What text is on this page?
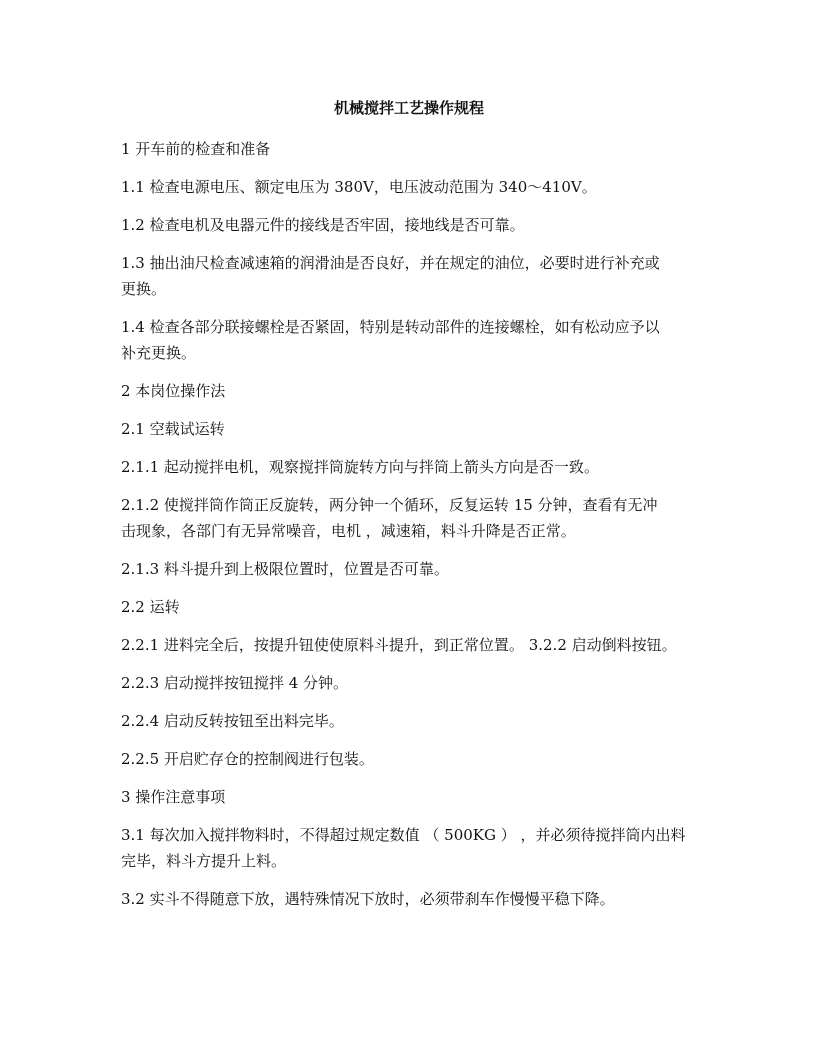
机械搅拌工艺操作规程

1 开车前的检查和准备

1.1 检查电源电压、额定电压为 380V，电压波动范围为 340～410V。

1.2 检查电机及电器元件的接线是否牢固，接地线是否可靠。

1.3 抽出油尺检查减速箱的润滑油是否良好，并在规定的油位，必要时进行补充或
更换。

1.4 检查各部分联接螺栓是否紧固，特别是转动部件的连接螺栓，如有松动应予以
补充更换。

2 本岗位操作法

2.1 空载试运转

2.1.1 起动搅拌电机，观察搅拌筒旋转方向与拌筒上箭头方向是否一致。

2.1.2 使搅拌筒作筒正反旋转，两分钟一个循环，反复运转 15 分钟，查看有无冲
击现象，各部门有无异常噪音，电机 ，减速箱，料斗升降是否正常。

2.1.3 料斗提升到上极限位置时，位置是否可靠。

2.2 运转

2.2.1 进料完全后，按提升钮使使原料斗提升，到正常位置。 3.2.2 启动倒料按钮。

2.2.3 启动搅拌按钮搅拌 4 分钟。

2.2.4 启动反转按钮至出料完毕。

2.2.5 开启贮存仓的控制阀进行包装。

3 操作注意事项

3.1 每次加入搅拌物料时，不得超过规定数值 （ 500KG ） ，并必须待搅拌筒内出料
完毕，料斗方提升上料。

3.2 实斗不得随意下放，遇特殊情况下放时，必须带刹车作慢慢平稳下降。
